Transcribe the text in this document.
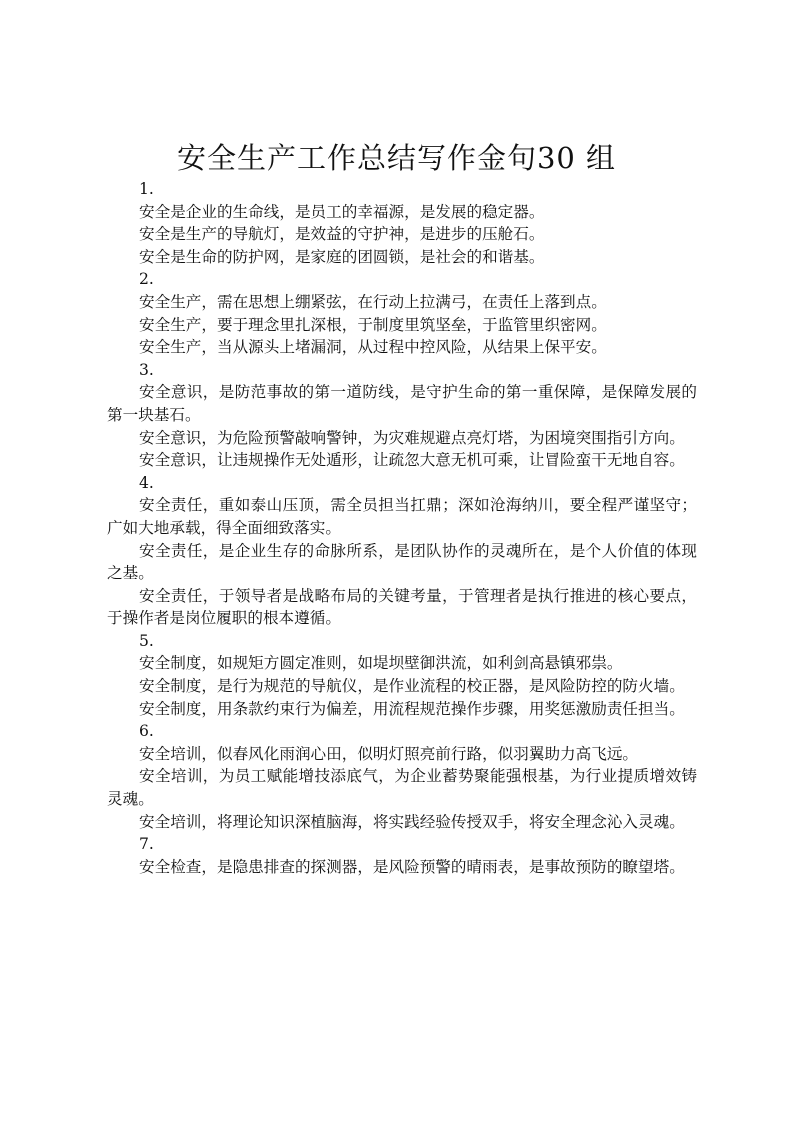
安全生产工作总结写作金句30 组

1.

安全是企业的生命线，是员工的幸福源，是发展的稳定器。

安全是生产的导航灯，是效益的守护神，是进步的压舱石。

安全是生命的防护网，是家庭的团圆锁，是社会的和谐基。

2.

安全生产，需在思想上绷紧弦，在行动上拉满弓，在责任上落到点。

安全生产，要于理念里扎深根，于制度里筑坚垒，于监管里织密网。

安全生产，当从源头上堵漏洞，从过程中控风险，从结果上保平安。

3.

安全意识，是防范事故的第一道防线，是守护生命的第一重保障，是保障发展的第一块基石。

安全意识，为危险预警敲响警钟，为灾难规避点亮灯塔，为困境突围指引方向。

安全意识，让违规操作无处遁形，让疏忽大意无机可乘，让冒险蛮干无地自容。

4.

安全责任，重如泰山压顶，需全员担当扛鼎；深如沧海纳川，要全程严谨坚守；广如大地承载，得全面细致落实。

安全责任，是企业生存的命脉所系，是团队协作的灵魂所在，是个人价值的体现之基。

安全责任，于领导者是战略布局的关键考量，于管理者是执行推进的核心要点，于操作者是岗位履职的根本遵循。

5.

安全制度，如规矩方圆定准则，如堤坝壁御洪流，如利剑高悬镇邪祟。

安全制度，是行为规范的导航仪，是作业流程的校正器，是风险防控的防火墙。

安全制度，用条款约束行为偏差，用流程规范操作步骤，用奖惩激励责任担当。

6.

安全培训，似春风化雨润心田，似明灯照亮前行路，似羽翼助力高飞远。

安全培训，为员工赋能增技添底气，为企业蓄势聚能强根基，为行业提质增效铸灵魂。

安全培训，将理论知识深植脑海，将实践经验传授双手，将安全理念沁入灵魂。

7.

安全检查，是隐患排查的探测器，是风险预警的晴雨表，是事故预防的瞭望塔。
